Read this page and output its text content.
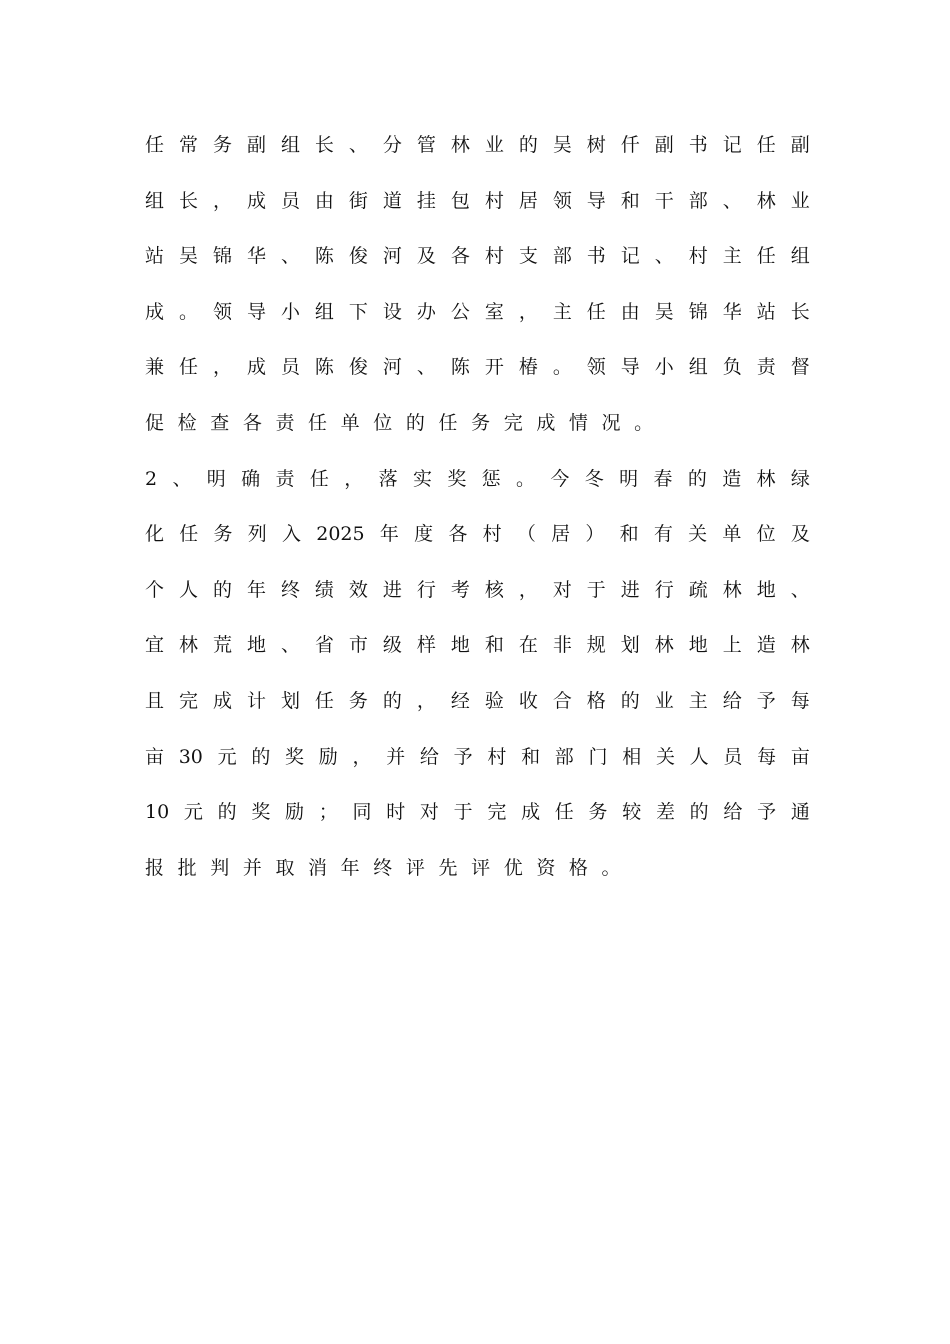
任 常 务 副 组 长 、 分 管 林 业 的 吴 树 仟 副 书 记 任 副
组 长 ， 成 员 由 街 道 挂 包 村 居 领 导 和 干 部 、 林 业
站 吴 锦 华 、 陈 俊 河 及 各 村 支 部 书 记 、 村 主 任 组
成 。 领 导 小 组 下 设 办 公 室 ， 主 任 由 吴 锦 华 站 长
兼 任 ， 成 员 陈 俊 河 、 陈 开 椿 。 领 导 小 组 负 责 督
促 检 查 各 责 任 单 位 的 任 务 完 成 情 况 。
2 、 明 确 责 任 ， 落 实 奖 惩 。 今 冬 明 春 的 造 林 绿
化 任 务 列 入 2025 年 度 各 村 （ 居 ） 和 有 关 单 位 及
个 人 的 年 终 绩 效 进 行 考 核 ， 对 于 进 行 疏 林 地 、
宜 林 荒 地 、 省 市 级 样 地 和 在 非 规 划 林 地 上 造 林
且 完 成 计 划 任 务 的 ， 经 验 收 合 格 的 业 主 给 予 每
亩 30 元 的 奖 励 ， 并 给 予 村 和 部 门 相 关 人 员 每 亩
10 元 的 奖 励 ； 同 时 对 于 完 成 任 务 较 差 的 给 予 通
报 批 判 并 取 消 年 终 评 先 评 优 资 格 。
